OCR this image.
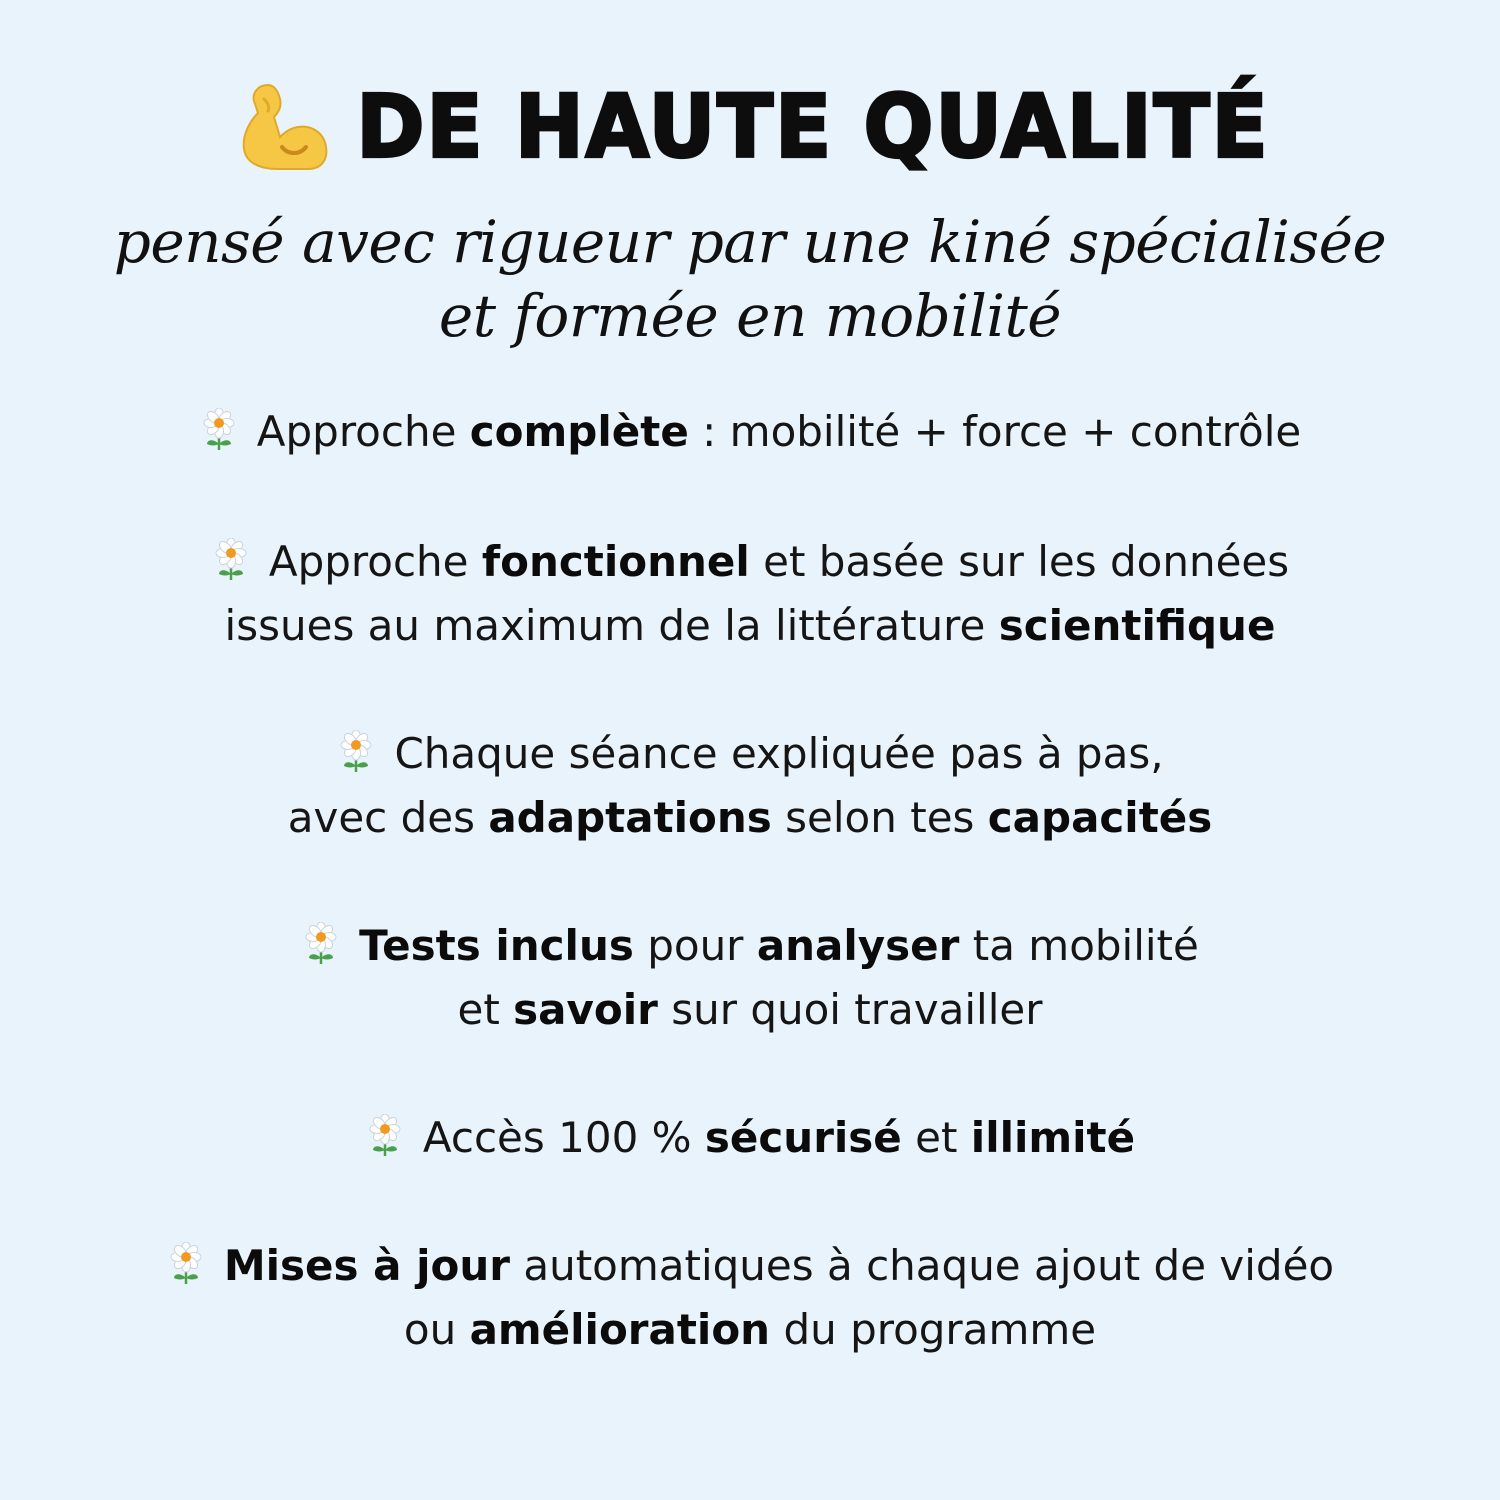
DE HAUTE QUALITÉ
pensé avec rigueur par une kiné spécialisée
et formée en mobilité
Approche complète : mobilité + force + contrôle
Approche fonctionnel et basée sur les données
issues au maximum de la littérature scientifique
Chaque séance expliquée pas à pas,
avec des adaptations selon tes capacités
Tests inclus pour analyser ta mobilité
et savoir sur quoi travailler
Accès 100 % sécurisé et illimité
Mises à jour automatiques à chaque ajout de vidéo
ou amélioration du programme
